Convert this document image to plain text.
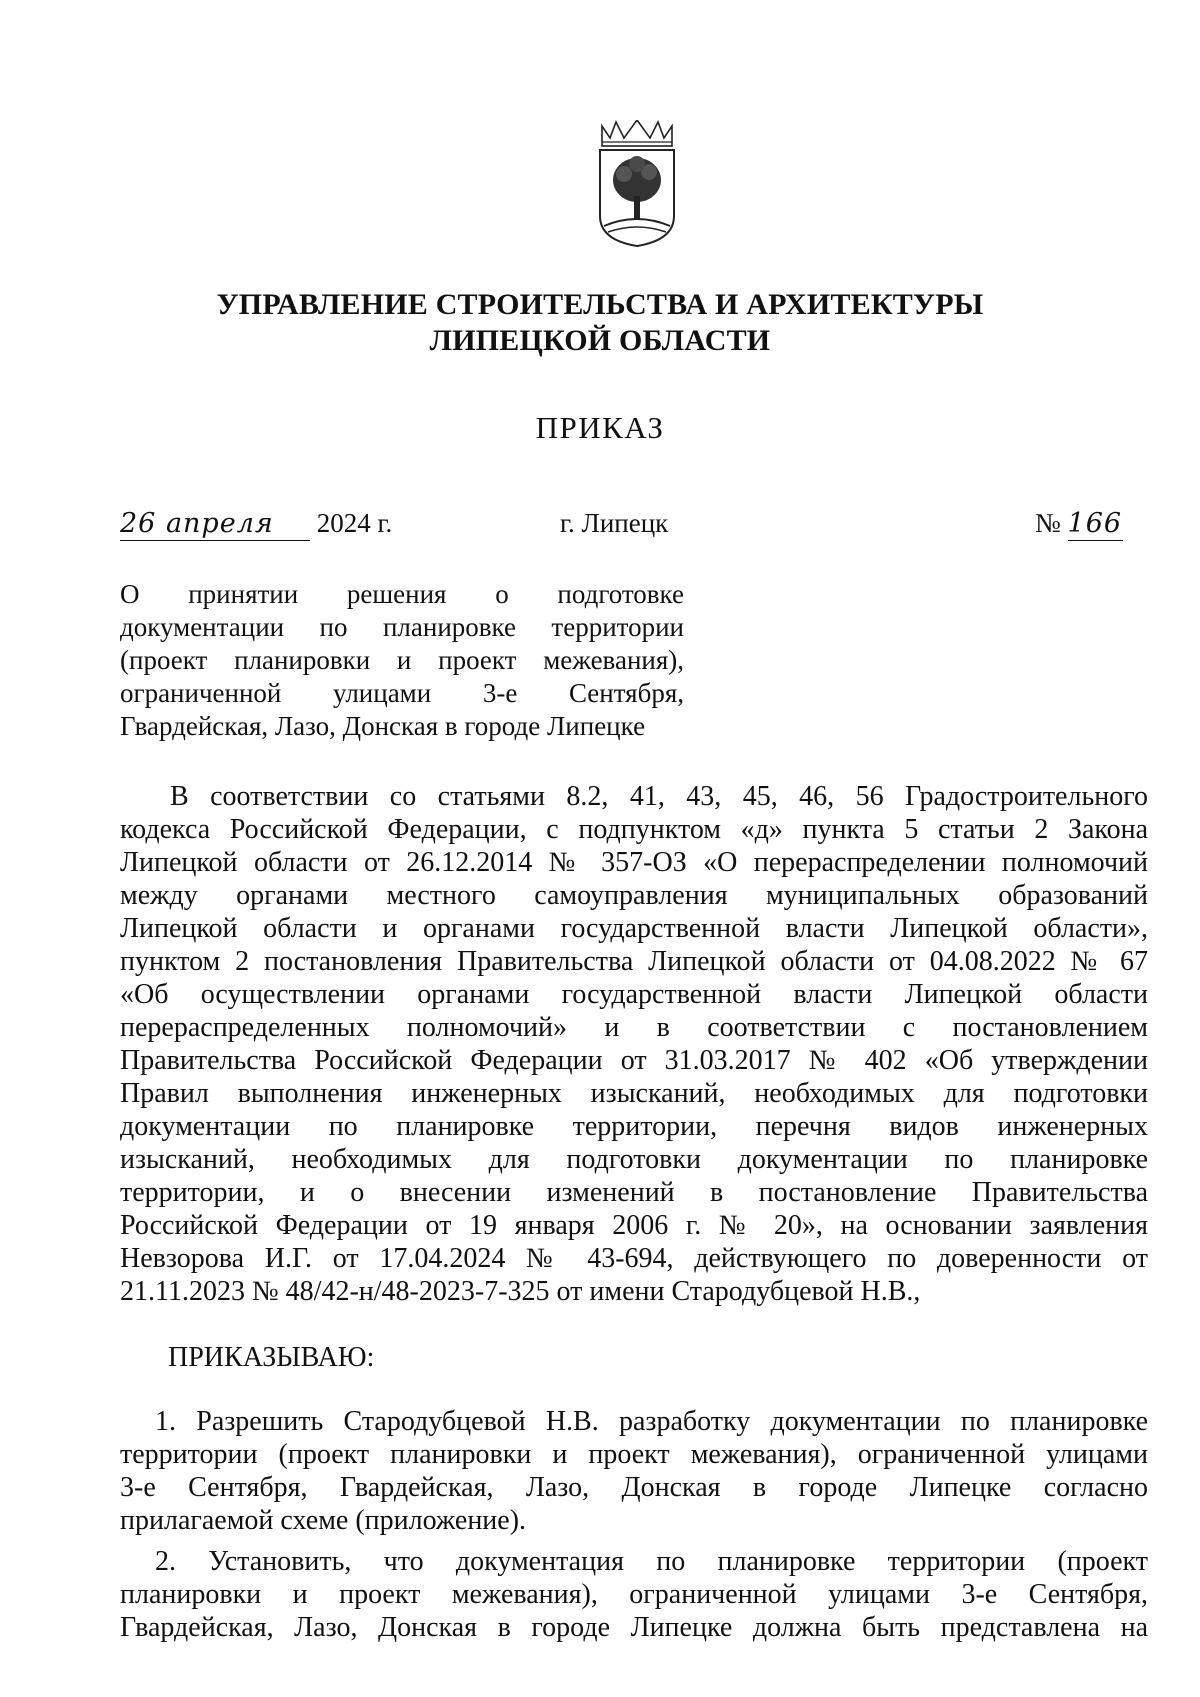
УПРАВЛЕНИЕ СТРОИТЕЛЬСТВА И АРХИТЕКТУРЫ
ЛИПЕЦКОЙ ОБЛАСТИ
ПРИКАЗ
26 апреля 2024 г.	г. Липецк	№ 166
О принятии решения о подготовке
документации по планировке территории
(проект планировки и проект межевания),
ограниченной улицами 3-е Сентября,
Гвардейская, Лазо, Донская в городе Липецке
В соответствии со статьями 8.2, 41, 43, 45, 46, 56 Градостроительного
кодекса Российской Федерации, с подпунктом «д» пункта 5 статьи 2 Закона
Липецкой области от 26.12.2014 № 357-ОЗ «О перераспределении полномочий
между органами местного самоуправления муниципальных образований
Липецкой области и органами государственной власти Липецкой области»,
пунктом 2 постановления Правительства Липецкой области от 04.08.2022 № 67
«Об осуществлении органами государственной власти Липецкой области
перераспределенных полномочий» и в соответствии с постановлением
Правительства Российской Федерации от 31.03.2017 № 402 «Об утверждении
Правил выполнения инженерных изысканий, необходимых для подготовки
документации по планировке территории, перечня видов инженерных
изысканий, необходимых для подготовки документации по планировке
территории, и о внесении изменений в постановление Правительства
Российской Федерации от 19 января 2006 г. № 20», на основании заявления
Невзорова И.Г. от 17.04.2024 № 43-694, действующего по доверенности от
21.11.2023 № 48/42-н/48-2023-7-325 от имени Стародубцевой Н.В.,
ПРИКАЗЫВАЮ:
1. Разрешить Стародубцевой Н.В. разработку документации по планировке
территории (проект планировки и проект межевания), ограниченной улицами
3-е Сентября, Гвардейская, Лазо, Донская в городе Липецке согласно
прилагаемой схеме (приложение).
2. Установить, что документация по планировке территории (проект
планировки и проект межевания), ограниченной улицами 3-е Сентября,
Гвардейская, Лазо, Донская в городе Липецке должна быть представлена на
